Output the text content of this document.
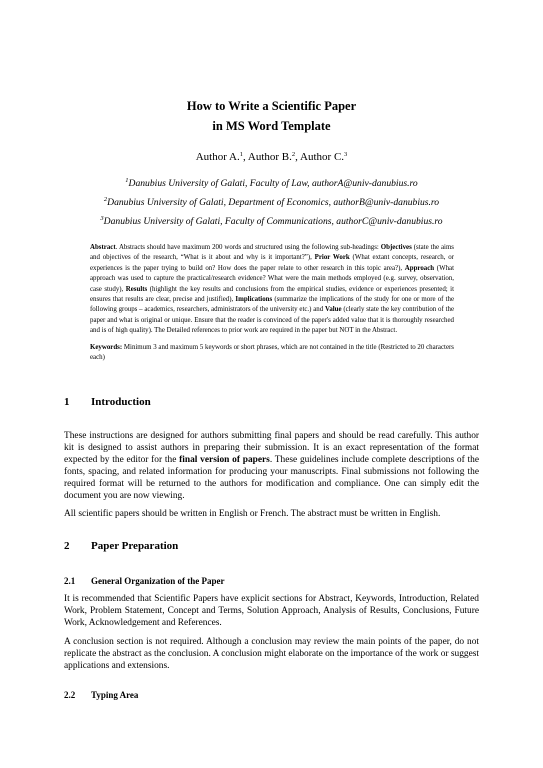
How to Write a Scientific Paper
in MS Word Template
Author A.$^1$, Author B.$^2$, Author C.$^3$
$^1$Danubius University of Galati, Faculty of Law, authorA@univ-danubius.ro
$^2$Danubius University of Galati, Department of Economics, authorB@univ-danubius.ro
$^3$Danubius University of Galati, Faculty of Communications, authorC@univ-danubius.ro

Abstract. Abstracts should have maximum 200 words and structured using the following sub-headings: Objectives (state the aims and objectives of the research, “What is it about and why is it important?”), Prior Work (What extant concepts, research, or experiences is the paper trying to build on? How does the paper relate to other research in this topic area?), Approach (What approach was used to capture the practical/research evidence? What were the main methods employed (e.g. survey, observation, case study), Results (highlight the key results and conclusions from the empirical studies, evidence or experiences presented; it ensures that results are clear, precise and justified), Implications (summarize the implications of the study for one or more of the following groups – academics, researchers, administrators of the university etc.) and Value (clearly state the key contribution of the paper and what is original or unique. Ensure that the reader is convinced of the paper's added value that it is thoroughly researched and is of high quality). The Detailed references to prior work are required in the paper but NOT in the Abstract.

Keywords: Minimum 3 and maximum 5 keywords or short phrases, which are not contained in the title (Restricted to 20 characters each)

1 Introduction

These instructions are designed for authors submitting final papers and should be read carefully. This author kit is designed to assist authors in preparing their submission. It is an exact representation of the format expected by the editor for the final version of papers. These guidelines include complete descriptions of the fonts, spacing, and related information for producing your manuscripts. Final submissions not following the required format will be returned to the authors for modification and compliance. One can simply edit the document you are now viewing.

All scientific papers should be written in English or French. The abstract must be written in English.

2 Paper Preparation
2.1 General Organization of the Paper

It is recommended that Scientific Papers have explicit sections for Abstract, Keywords, Introduction, Related Work, Problem Statement, Concept and Terms, Solution Approach, Analysis of Results, Conclusions, Future Work, Acknowledgement and References.

A conclusion section is not required. Although a conclusion may review the main points of the paper, do not replicate the abstract as the conclusion. A conclusion might elaborate on the importance of the work or suggest applications and extensions.

2.2 Typing Area
